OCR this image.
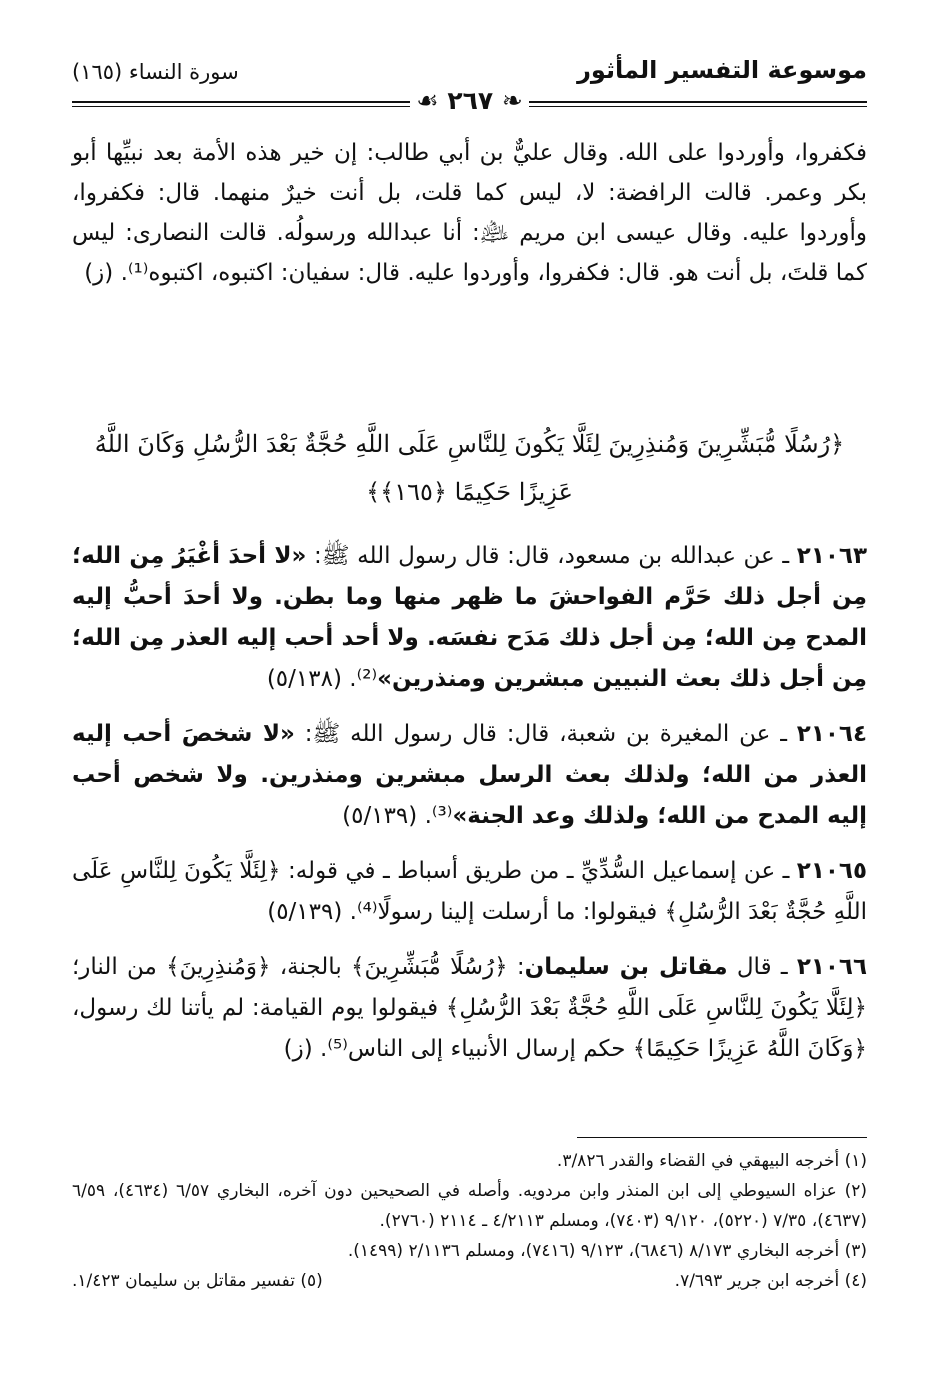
موسوعة التفسير المأثور
سورة النساء (١٦٥)
❧ ٢٦٧ ☙

فكفروا، وأوردوا على الله. وقال عليٌّ بن أبي طالب: إن خير هذه الأمة بعد نبيِّها أبو بكر وعمر. قالت الرافضة: لا، ليس كما قلت، بل أنت خيرٌ منهما. قال: فكفروا، وأوردوا عليه. وقال عيسى ابن مريم ﵇: أنا عبدالله ورسولُه. قالت النصارى: ليس كما قلتَ، بل أنت هو. قال: فكفروا، وأوردوا عليه. قال: سفيان: اكتبوه، اكتبوه⁽¹⁾. (ز)

﴿رُسُلًا مُّبَشِّرِينَ وَمُنذِرِينَ لِئَلَّا يَكُونَ لِلنَّاسِ عَلَى اللَّهِ حُجَّةٌ بَعْدَ الرُّسُلِ وَكَانَ اللَّهُ عَزِيزًا حَكِيمًا ﴿١٦٥﴾﴾

٢١٠٦٣ ـ عن عبدالله بن مسعود، قال: قال رسول الله ﷺ: «لا أحدَ أغْيَرُ مِن الله؛ مِن أجل ذلك حَرَّم الفواحشَ ما ظهر منها وما بطن. ولا أحدَ أحبُّ إليه المدح مِن الله؛ مِن أجل ذلك مَدَح نفسَه. ولا أحد أحب إليه العذر مِن الله؛ مِن أجل ذلك بعث النبيين مبشرين ومنذرين»⁽²⁾. (٥/١٣٨)

٢١٠٦٤ ـ عن المغيرة بن شعبة، قال: قال رسول الله ﷺ: «لا شخصَ أحب إليه العذر من الله؛ ولذلك بعث الرسل مبشرين ومنذرين. ولا شخص أحب إليه المدح من الله؛ ولذلك وعد الجنة»⁽³⁾. (٥/١٣٩)

٢١٠٦٥ ـ عن إسماعيل السُّدِّيِّ ـ من طريق أسباط ـ في قوله: ﴿لِئَلَّا يَكُونَ لِلنَّاسِ عَلَى اللَّهِ حُجَّةٌ بَعْدَ الرُّسُلِ﴾ فيقولوا: ما أرسلت إلينا رسولًا⁽⁴⁾. (٥/١٣٩)

٢١٠٦٦ ـ قال مقاتل بن سليمان: ﴿رُسُلًا مُّبَشِّرِينَ﴾ بالجنة، ﴿وَمُنذِرِينَ﴾ من النار؛ ﴿لِئَلَّا يَكُونَ لِلنَّاسِ عَلَى اللَّهِ حُجَّةٌ بَعْدَ الرُّسُلِ﴾ فيقولوا يوم القيامة: لم يأتنا لك رسول، ﴿وَكَانَ اللَّهُ عَزِيزًا حَكِيمًا﴾ حكم إرسال الأنبياء إلى الناس⁽⁵⁾. (ز)

(١) أخرجه البيهقي في القضاء والقدر ٣/٨٢٦.

(٢) عزاه السيوطي إلى ابن المنذر وابن مردويه. وأصله في الصحيحين دون آخره، البخاري ٦/٥٧ (٤٦٣٤)، ٦/٥٩ (٤٦٣٧)، ٧/٣٥ (٥٢٢٠)، ٩/١٢٠ (٧٤٠٣)، ومسلم ٤/٢١١٣ ـ ٢١١٤ (٢٧٦٠).

(٣) أخرجه البخاري ٨/١٧٣ (٦٨٤٦)، ٩/١٢٣ (٧٤١٦)، ومسلم ٢/١١٣٦ (١٤٩٩).

(٤) أخرجه ابن جرير ٧/٦٩٣.
(٥) تفسير مقاتل بن سليمان ١/٤٢٣.
